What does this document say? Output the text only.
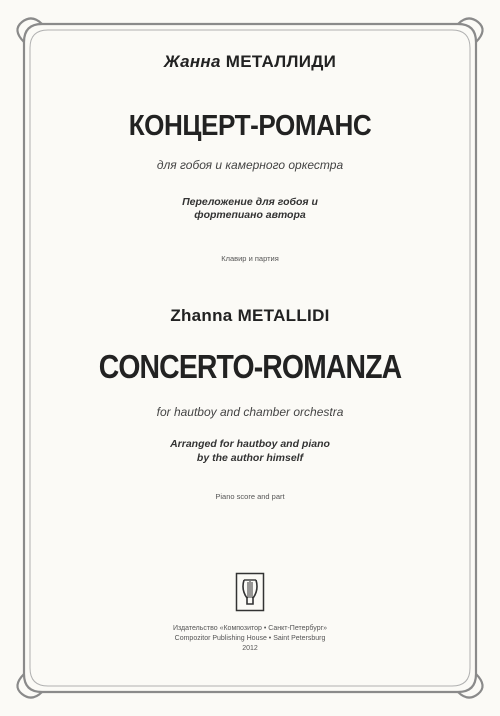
Жанна МЕТАЛЛИДИ
КОНЦЕРТ-РОМАНС
для гобоя и камерного оркестра
Переложение для гобоя и фортепиано автора
Клавир и партия
Zhanna METALLIDI
CONCERTO-ROMANZA
for hautboy and chamber orchestra
Arranged for hautboy and piano
by the author himself
Piano score and part
Издательство «Композитор • Санкт-Петербург»
Compozitor Publishing House • Saint Petersburg
2012
